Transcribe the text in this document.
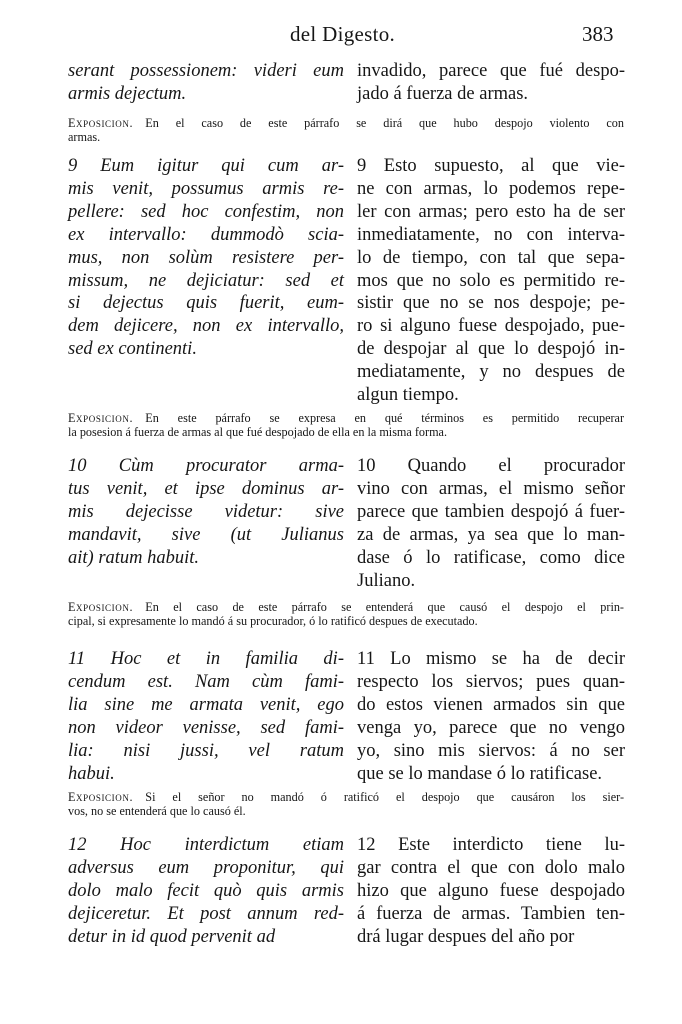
del Digesto.	383
serant possessionem: videri eum
armis dejectum.
invadido, parece que fué despo-
jado á fuerza de armas.
Exposicion.  En el caso de este párrafo se dirá que hubo despojo violento con
armas.
9 Eum igitur qui cum ar-
mis venit, possumus armis re-
pellere: sed hoc confestim, non
ex intervallo: dummodò scia-
mus, non solùm resistere per-
missum, ne dejiciatur: sed et
si dejectus quis fuerit, eum-
dem dejicere, non ex intervallo,
sed ex continenti.
9 Esto supuesto, al que vie-
ne con armas, lo podemos repe-
ler con armas; pero esto ha de ser
inmediatamente, no con interva-
lo de tiempo, con tal que sepa-
mos que no solo es permitido re-
sistir que no se nos despoje; pe-
ro si alguno fuese despojado, pue-
de despojar al que lo despojó in-
mediatamente, y no despues de
algun tiempo.
Exposicion.  En este párrafo se expresa en qué términos es permitido recuperar
la posesion á fuerza de armas al que fué despojado de ella en la misma forma.
10 Cùm procurator arma-
tus venit, et ipse dominus ar-
mis dejecisse videtur: sive
mandavit, sive (ut Julianus
ait) ratum habuit.
10 Quando el procurador
vino con armas, el mismo señor
parece que tambien despojó á fuer-
za de armas, ya sea que lo man-
dase ó lo ratificase, como dice
Juliano.
Exposicion.  En el caso de este párrafo se entenderá que causó el despojo el prin-
cipal, si expresamente lo mandó á su procurador, ó lo ratificó despues de executado.
11 Hoc et in familia di-
cendum est. Nam cùm fami-
lia sine me armata venit, ego
non videor venisse, sed fami-
lia: nisi jussi, vel ratum
habui.
11 Lo mismo se ha de decir
respecto los siervos; pues quan-
do estos vienen armados sin que
venga yo, parece que no vengo
yo, sino mis siervos: á no ser
que se lo mandase ó lo ratificase.
Exposicion.  Si el señor no mandó ó ratificó el despojo que causáron los sier-
vos, no se entenderá que lo causó él.
12 Hoc interdictum etiam
adversus eum proponitur, qui
dolo malo fecit quò quis armis
dejiceretur. Et post annum red-
detur in id quod pervenit ad
12 Este interdicto tiene lu-
gar contra el que con dolo malo
hizo que alguno fuese despojado
á fuerza de armas. Tambien ten-
drá lugar despues del año por
